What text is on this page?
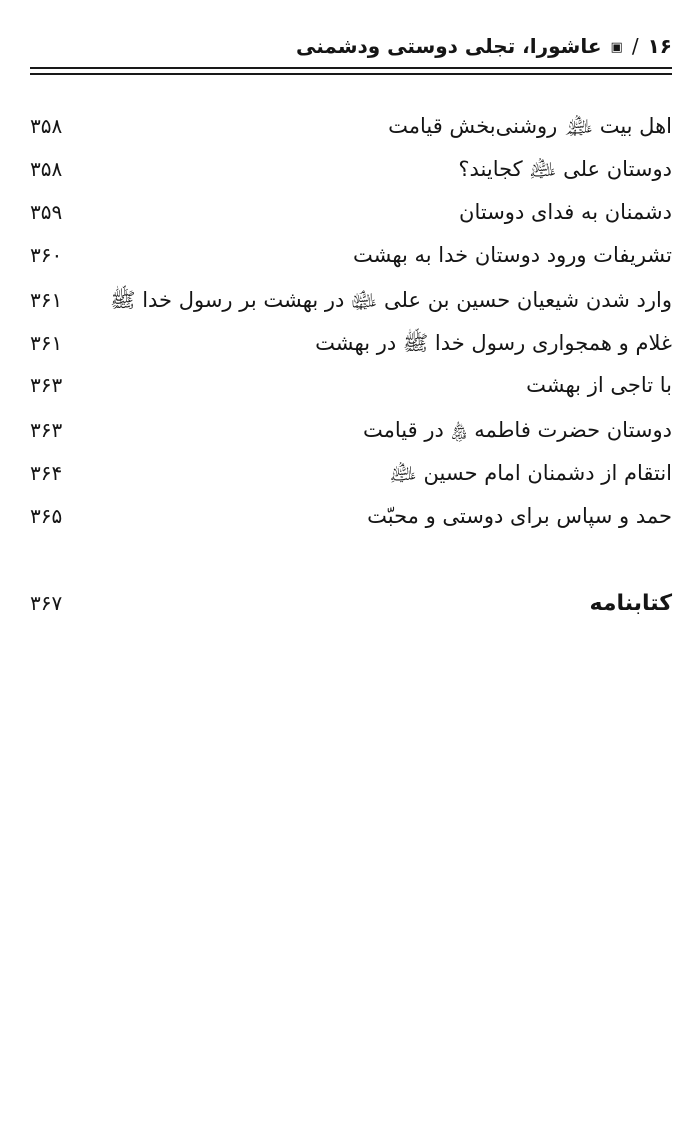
۱۶
/
▣
عاشورا، تجلی دوستی ودشمنی
اهل بیت ﵈ روشنی‌بخش قیامت
۳۵۸
دوستان علی ﵇ کجایند؟
۳۵۸
دشمنان به فدای دوستان
۳۵۹
تشریفات ورود دوستان خدا به بهشت
۳۶۰
وارد شدن شیعیان حسین بن علی ﵉ در بهشت بر رسول خدا ﷺ
۳۶۱
غلام و همجواری رسول خدا ﷺ در بهشت
۳۶۱
با تاجی از بهشت
۳۶۳
دوستان حضرت فاطمه ﵋ در قیامت
۳۶۳
انتقام از دشمنان امام حسین ﵇
۳۶۴
حمد و سپاس برای دوستی و محبّت
۳۶۵
کتابنامه
۳۶۷
